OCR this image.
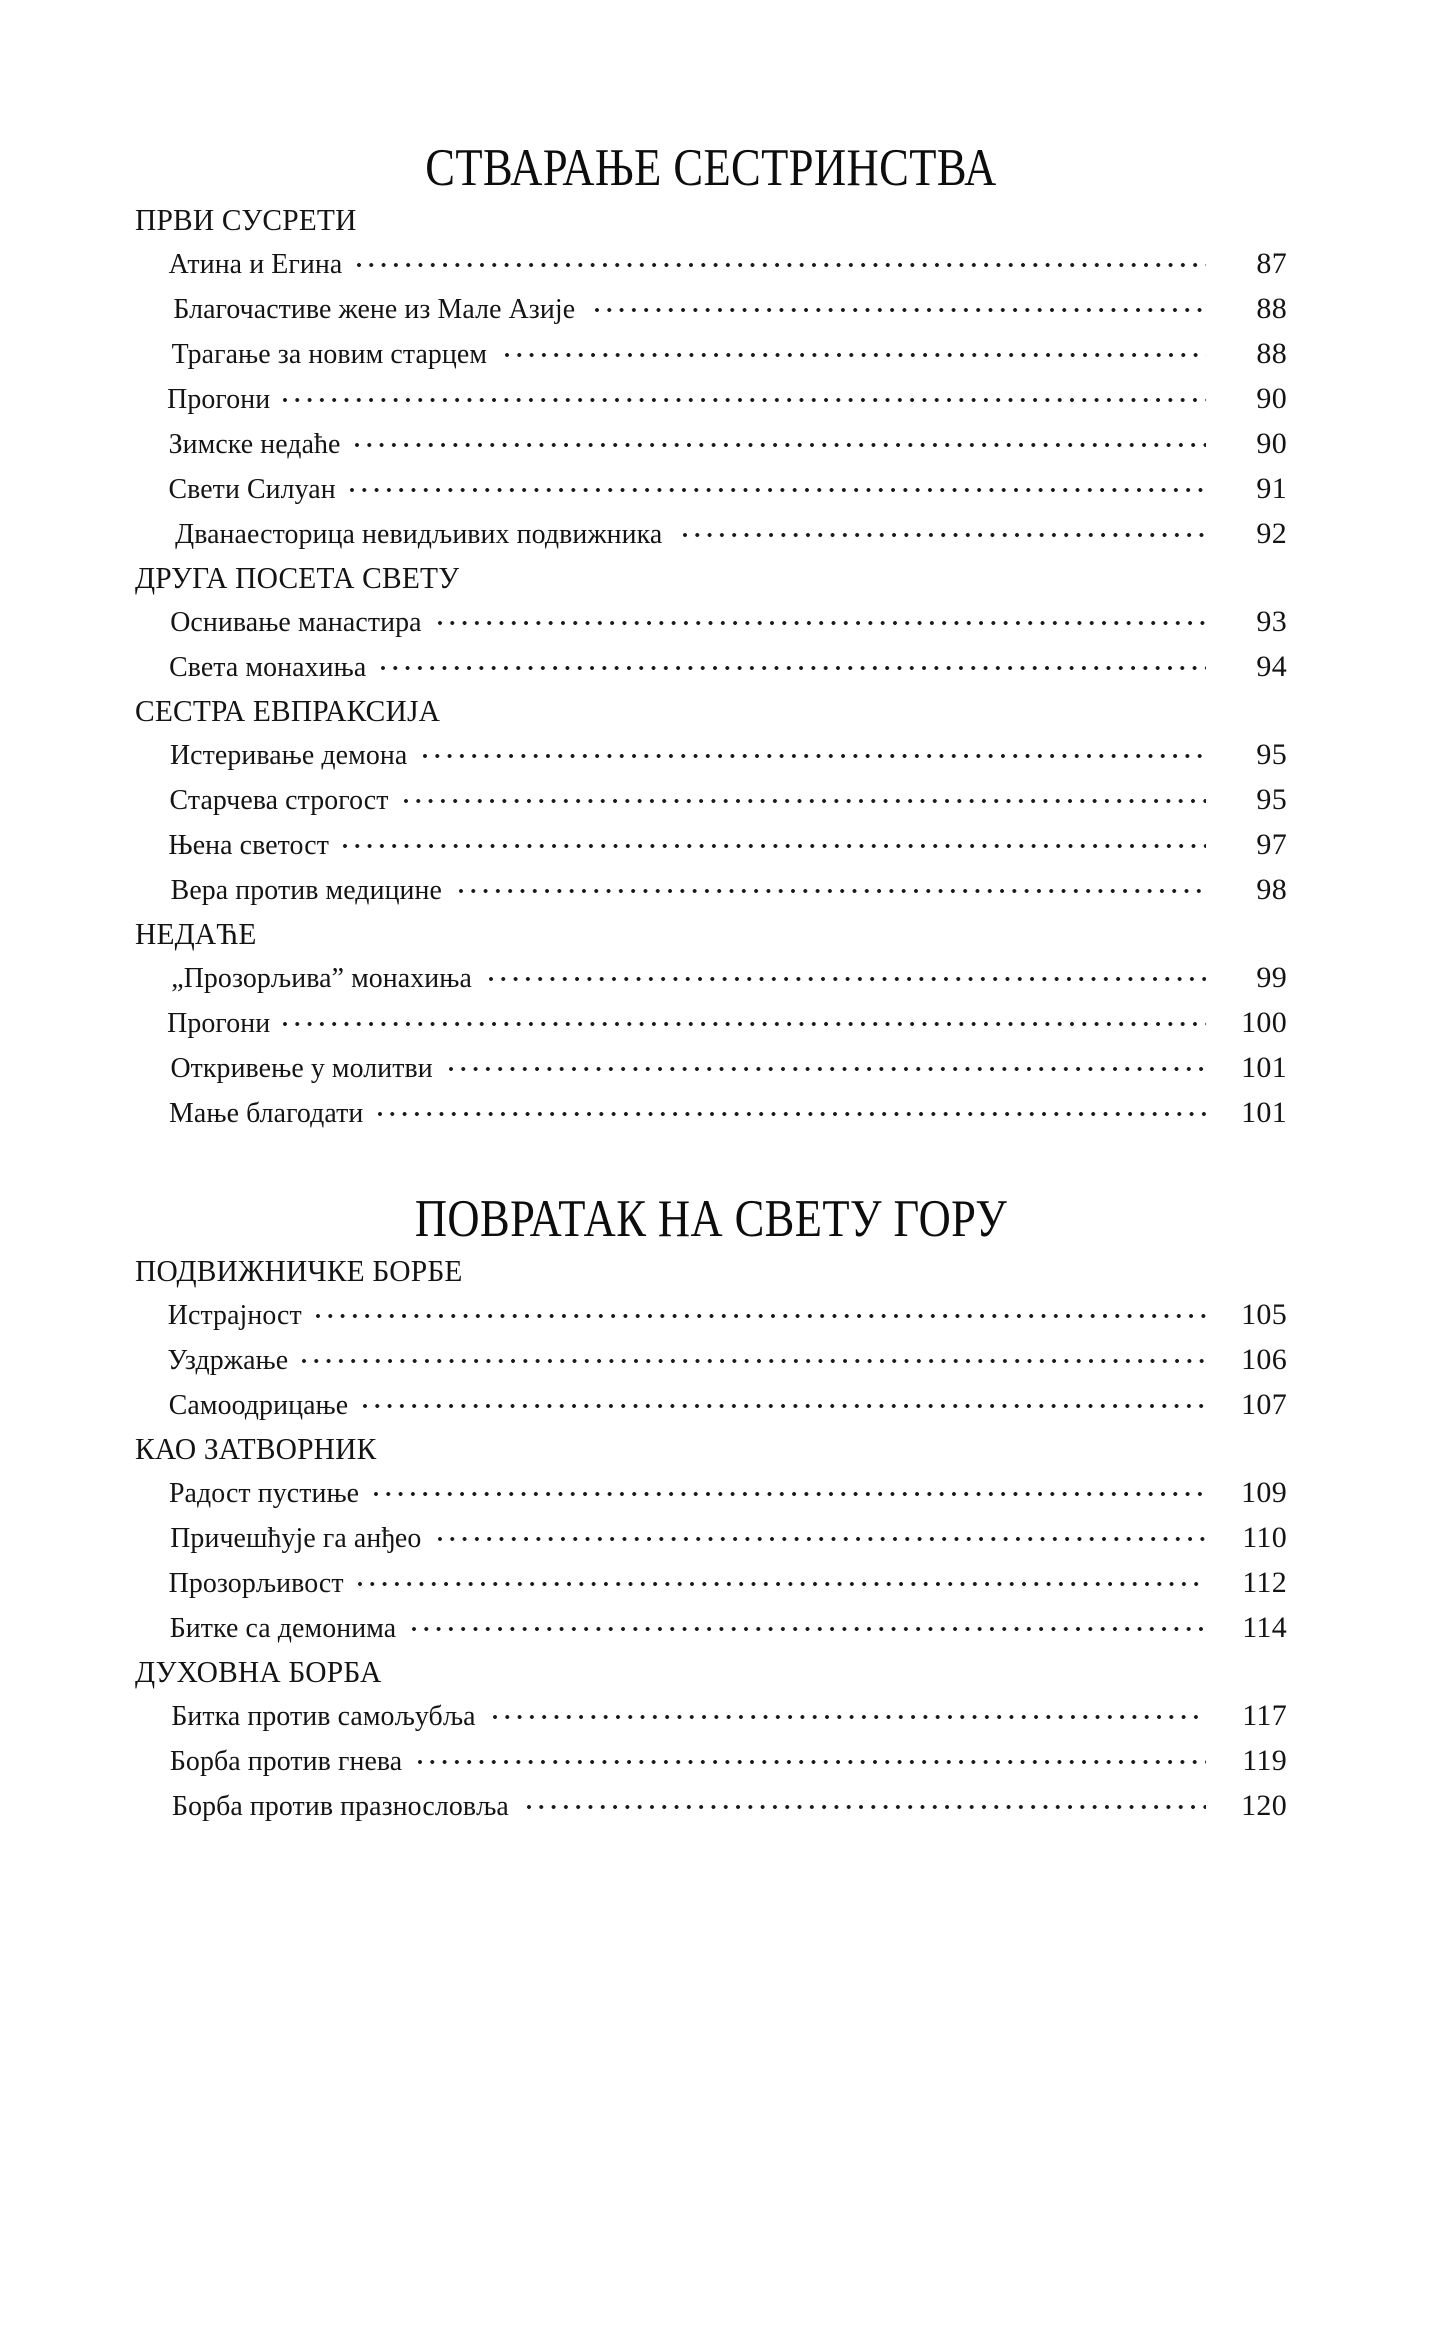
СТВАРАЊЕ СЕСТРИНСТВА
ПРВИ СУСРЕТИ
Атина и Егина	87
Благочастиве жене из Мале Азије	88
Трагање за новим старцем	88
Прогони	90
Зимске недаће	90
Свети Силуан	91
Дванаесторица невидљивих подвижника	92
ДРУГА ПОСЕТА СВЕТУ
Оснивање манастира	93
Света монахиња	94
СЕСТРА ЕВПРАКСИЈА
Истеривање демона	95
Старчева строгост	95
Њена светост	97
Вера против медицине	98
НЕДАЋЕ
„Прозорљива” монахиња	99
Прогони	100
Откривење у молитви	101
Мање благодати	101
ПОВРАТАК НА СВЕТУ ГОРУ
ПОДВИЖНИЧКЕ БОРБЕ
Истрајност	105
Уздржање	106
Самоодрицање	107
КАО ЗАТВОРНИК
Радост пустиње	109
Причешћује га анђео	110
Прозорљивост	112
Битке са демонима	114
ДУХОВНА БОРБА
Битка против самољубља	117
Борба против гнева	119
Борба против празнословља	120
